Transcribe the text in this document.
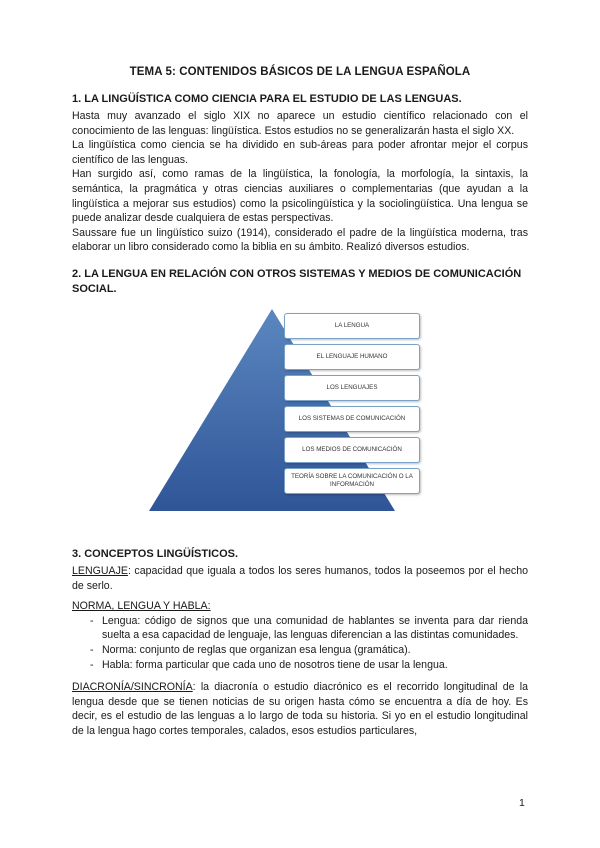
TEMA 5: CONTENIDOS BÁSICOS DE LA LENGUA ESPAÑOLA
1. LA LINGÜÍSTICA COMO CIENCIA PARA EL ESTUDIO DE LAS LENGUAS.

Hasta muy avanzado el siglo XIX no aparece un estudio científico relacionado con el conocimiento de las lenguas: lingüística. Estos estudios no se generalizarán hasta el siglo XX.

La lingüística como ciencia se ha dividido en sub-áreas para poder afrontar mejor el corpus científico de las lenguas.

Han surgido así, como ramas de la lingüística, la fonología, la morfología, la sintaxis, la semántica, la pragmática y otras ciencias auxiliares o complementarias (que ayudan a la lingüística a mejorar sus estudios) como la psicolingüística y la sociolingüística. Una lengua se puede analizar desde cualquiera de estas perspectivas.

Saussare fue un lingüístico suizo (1914), considerado el padre de la lingüística moderna, tras elaborar un libro considerado como la biblia en su ámbito. Realizó diversos estudios.

2. LA LENGUA EN RELACIÓN CON OTROS SISTEMAS Y MEDIOS DE COMUNICACIÓN SOCIAL.
LA LENGUA
EL LENGUAJE HUMANO
LOS LENGUAJES
LOS SISTEMAS DE COMUNICACIÓN
LOS MEDIOS DE COMUNICACIÓN
TEORÍA SOBRE LA COMUNICACIÓN O LA INFORMACIÓN
3. CONCEPTOS LINGÜÍSTICOS.

LENGUAJE: capacidad que iguala a todos los seres humanos, todos la poseemos por el hecho de serlo.

NORMA, LENGUA Y HABLA:
- Lengua: código de signos que una comunidad de hablantes se inventa para dar rienda suelta a esa capacidad de lenguaje, las lenguas diferencian a las distintas comunidades.
- Norma: conjunto de reglas que organizan esa lengua (gramática).
- Habla: forma particular que cada uno de nosotros tiene de usar la lengua.

DIACRONÍA/SINCRONÍA: la diacronía o estudio diacrónico es el recorrido longitudinal de la lengua desde que se tienen noticias de su origen hasta cómo se encuentra a día de hoy. Es decir, es el estudio de las lenguas a lo largo de toda su historia. Si yo en el estudio longitudinal de la lengua hago cortes temporales, calados, esos estudios particulares,

1
